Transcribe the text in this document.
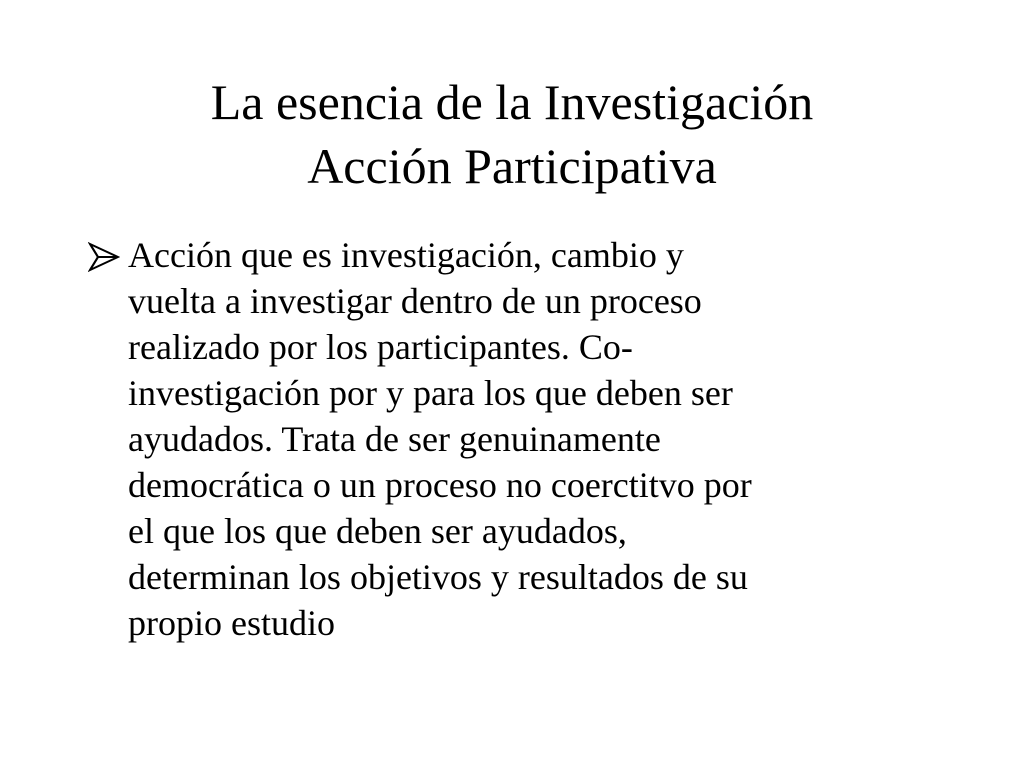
La esencia de la Investigación
Acción Participativa
Acción que es investigación, cambio y
vuelta a investigar dentro de un proceso
realizado por los participantes. Co-
investigación por y para los que deben ser
ayudados. Trata de ser genuinamente
democrática o un proceso no coerctitvo por
el que los que deben ser ayudados,
determinan los objetivos y resultados de su
propio estudio
